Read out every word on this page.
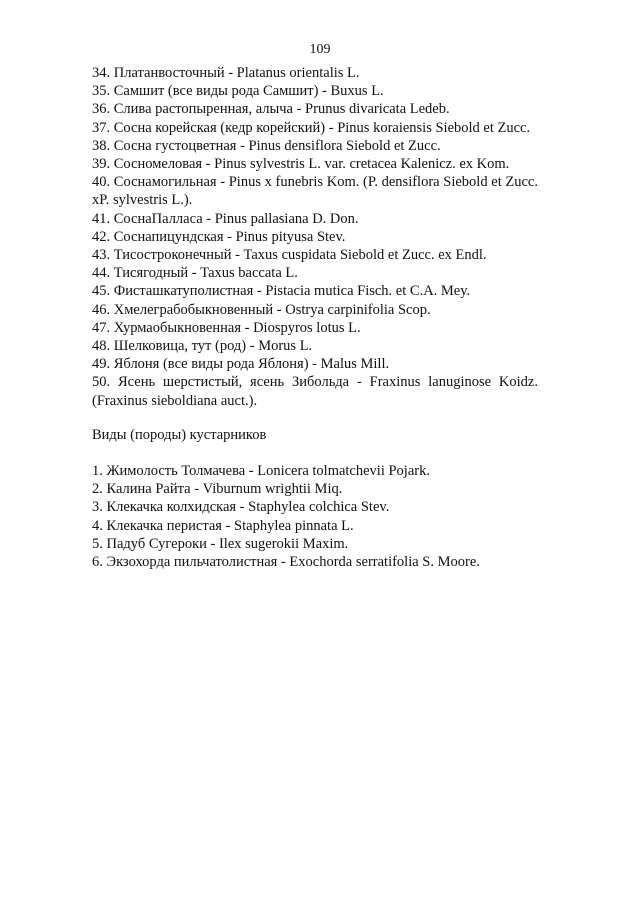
109

34. Платанвосточный - Platanus orientalis L.

35. Самшит (все виды рода Самшит) - Buxus L.

36. Слива растопыренная, алыча - Prunus divaricata Ledeb.

37. Сосна корейская (кедр корейский) - Pinus koraiensis Siebold et Zucc.

38. Сосна густоцветная - Pinus densiflora Siebold et Zucc.

39. Сосномеловая - Pinus sylvestris L. var. cretacea Kalenicz. ex Kom.

40. Соснамогильная - Pinus x funebris Kom. (P. densiflora Siebold et Zucc. xP. sylvestris L.).

41. СоснаПалласа - Pinus pallasiana D. Don.

42. Соснапицундская - Pinus pityusa Stev.

43. Тисостроконечный - Taxus cuspidata Siebold et Zucc. ex Endl.

44. Тисягодный - Taxus baccata L.

45. Фисташкатуполистная - Pistacia mutica Fisch. et C.A. Mey.

46. Хмелеграбобыкновенный - Ostrya carpinifolia Scop.

47. Хурмаобыкновенная - Diospyros lotus L.

48. Шелковица, тут (род) - Morus L.

49. Яблоня (все виды рода Яблоня) - Malus Mill.

50. Ясень шерстистый, ясень Зибольда - Fraxinus lanuginose Koidz. (Fraxinus sieboldiana auct.).

Виды (породы) кустарников

1. Жимолость Толмачева - Lonicera tolmatchevii Pojark.

2. Калина Райта - Viburnum wrightii Miq.

3. Клекачка колхидская - Staphylea colchica Stev.

4. Клекачка перистая - Staphylea pinnata L.

5. Падуб Сугероки - Ilex sugerokii Maxim.

6. Экзохорда пильчатолистная - Exochorda serratifolia S. Moore.
